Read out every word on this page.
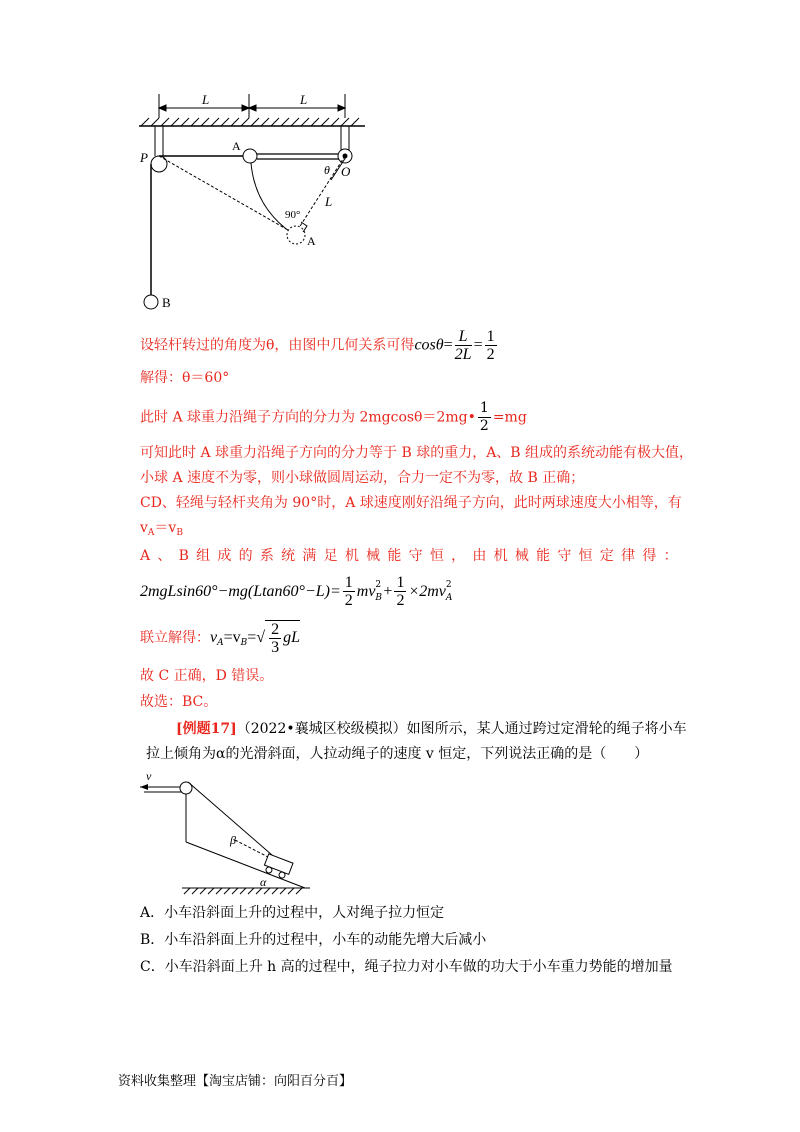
L	L
P
A
O
θ
90°
L
A
B
设轻杆转过的角度为θ，由图中几何关系可得$\cos\theta= \frac{L}{2L} = \frac{1}{2}$
解得：θ＝60°
此时 A 球重力沿绳子方向的分力为 2mgcosθ＝2mg• $\frac{1}{2} =mg$
可知此时 A 球重力沿绳子方向的分力等于 B 球的重力，A、B 组成的系统动能有极大值，
小球 A 速度不为零，则小球做圆周运动，合力一定不为零，故 B 正确；
CD、轻绳与轻杆夹角为 90°时，A 球速度刚好沿绳子方向，此时两球速度大小相等，有
$v_A=v_B$
A 、 B 组 成 的 系 统 满 足 机 械 能 守 恒 ， 由 机 械 能 守 恒 定 律 得 ：
$2mgLsin60^\circ-mg(Ltan60^\circ-L)= \frac{1}{2}$ mv 2
$B + \frac{1}{2} \times 2mv$ 2
A
联立解得：$v_A=v_B=√ \frac{2}{3}$ gL
故 C 正确，D 错误。
故选：BC。
[例题17]（2022•襄城区校级模拟）如图所示，某人通过跨过定滑轮的绳子将小车
拉上倾角为α的光滑斜面，人拉动绳子的速度 v 恒定，下列说法正确的是（　　）
v
β
α
A．小车沿斜面上升的过程中，人对绳子拉力恒定
B．小车沿斜面上升的过程中，小车的动能先增大后减小
C．小车沿斜面上升 h 高的过程中，绳子拉力对小车做的功大于小车重力势能的增加量
资料收集整理【淘宝店铺：向阳百分百】
